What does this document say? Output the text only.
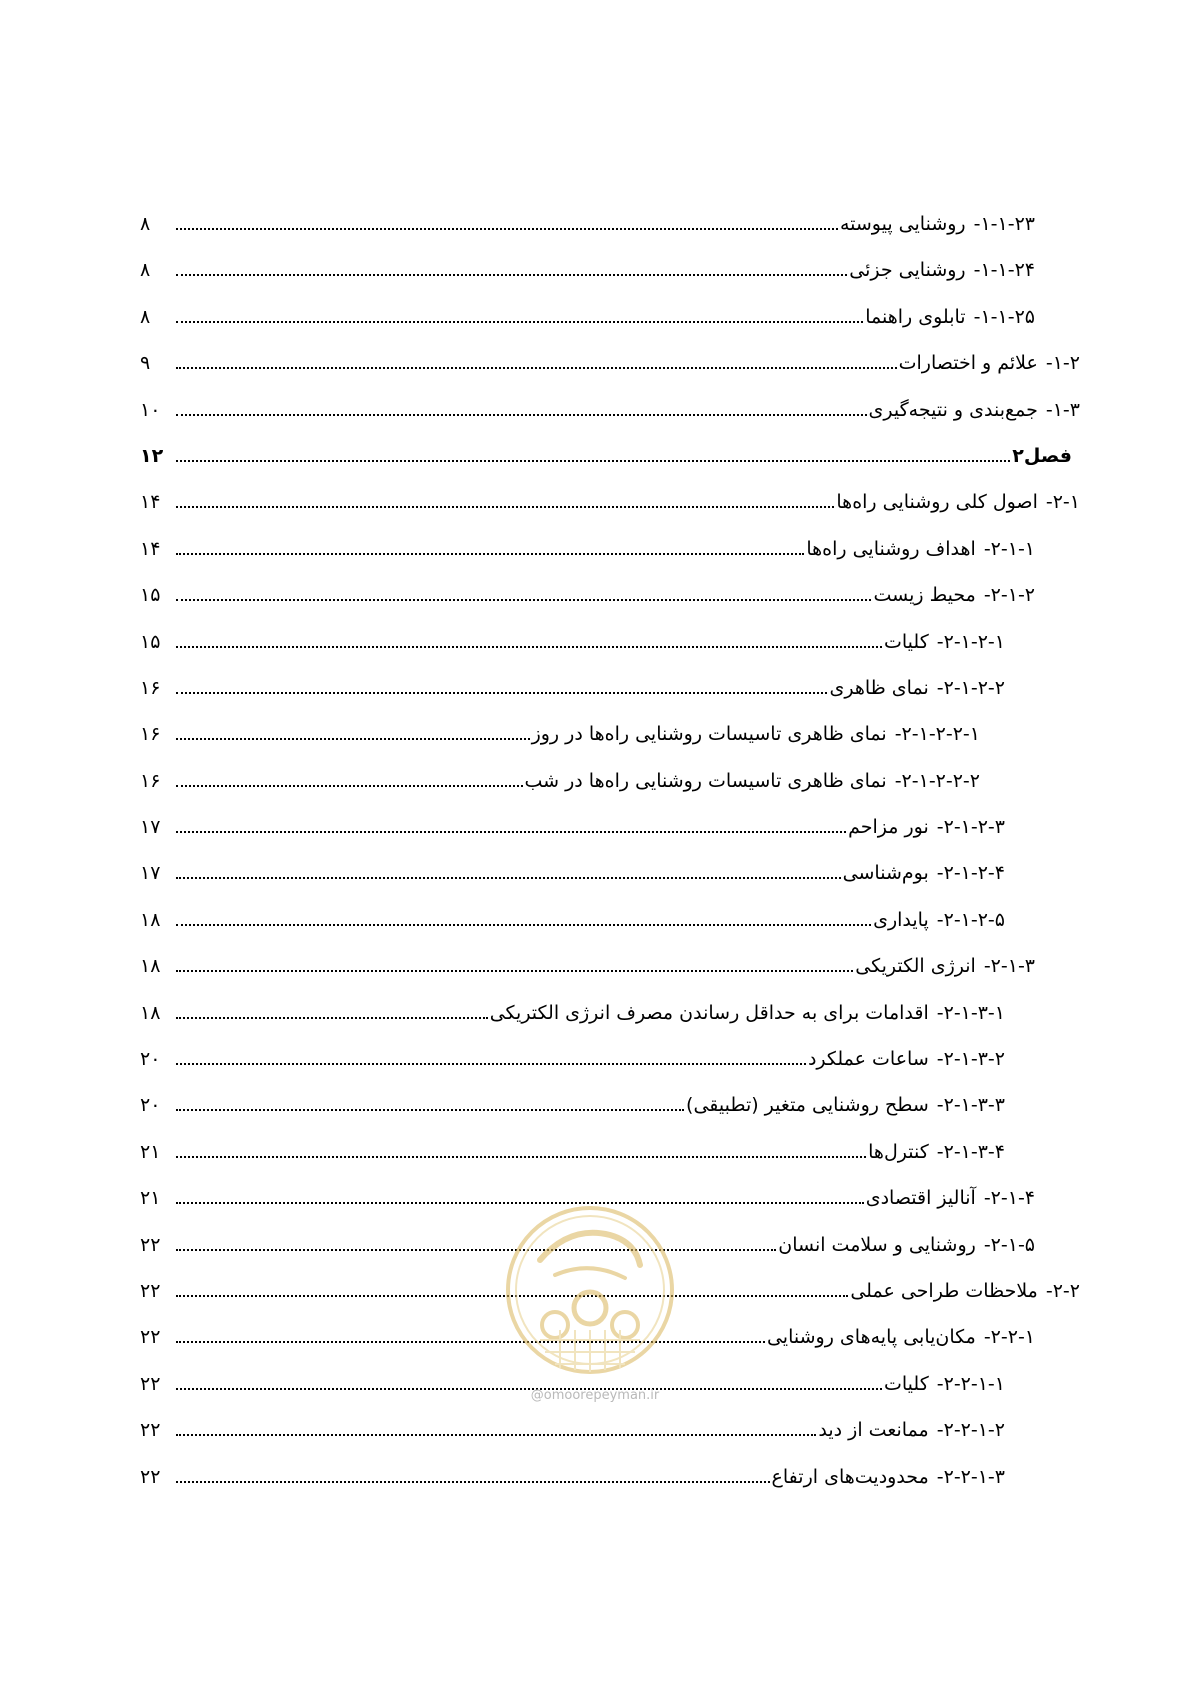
۱-۱-۲۳-
روشنایی پیوسته
۸
۱-۱-۲۴-
روشنایی جزئی
۸
۱-۱-۲۵-
تابلوی راهنما
۸
۱-۲-
علائم و اختصارات
۹
۱-۳-
جمع‌بندی و نتیجه‌گیری
۱۰
فصل۲
۱۲
۲-۱-
اصول کلی روشنایی راه‌ها
۱۴
۲-۱-۱-
اهداف روشنایی راه‌ها
۱۴
۲-۱-۲-
محیط زیست
۱۵
۲-۱-۲-۱-
کلیات
۱۵
۲-۱-۲-۲-
نمای ظاهری
۱۶
۲-۱-۲-۲-۱-
نمای ظاهری تاسیسات روشنایی راه‌ها در روز
۱۶
۲-۱-۲-۲-۲-
نمای ظاهری تاسیسات روشنایی راه‌ها در شب
۱۶
۲-۱-۲-۳-
نور مزاحم
۱۷
۲-۱-۲-۴-
بوم‌شناسی
۱۷
۲-۱-۲-۵-
پایداری
۱۸
۲-۱-۳-
انرژی الکتریکی
۱۸
۲-۱-۳-۱-
اقدامات برای به حداقل رساندن مصرف انرژی الکتریکی
۱۸
۲-۱-۳-۲-
ساعات عملکرد
۲۰
۲-۱-۳-۳-
سطح روشنایی متغیر (تطبیقی)
۲۰
۲-۱-۳-۴-
کنترل‌ها
۲۱
۲-۱-۴-
آنالیز اقتصادی
۲۱
۲-۱-۵-
روشنایی و سلامت انسان
۲۲
۲-۲-
ملاحظات طراحی عملی
۲۲
۲-۲-۱-
مکان‌یابی پایه‌های روشنایی
۲۲
۲-۲-۱-۱-
کلیات
۲۲
۲-۲-۱-۲-
ممانعت از دید
۲۲
۲-۲-۱-۳-
محدودیت‌های ارتفاع
۲۲
@omoorepeyman.ir
